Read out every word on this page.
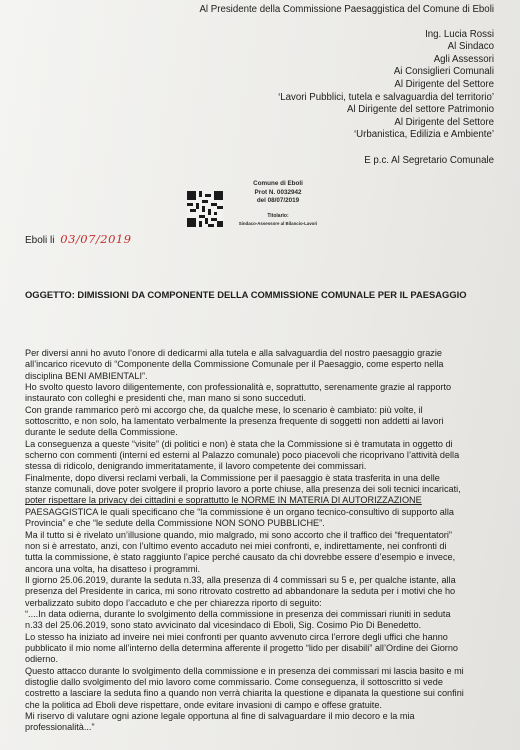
Al Presidente della Commissione Paesaggistica del Comune di Eboli
Ing. Lucia Rossi
Al Sindaco
Agli Assessori
Ai Consiglieri Comunali
Al Dirigente del Settore
‘Lavori Pubblici, tutela e salvaguardia del territorio’
Al Dirigente del settore Patrimonio
Al Dirigente del Settore
‘Urbanistica, Edilizia e Ambiente’
E p.c. Al Segretario Comunale
Comune di Eboli
Prot N. 0032942
del 08/07/2019
Titolario:
Sindaco-Assessore al Bilancio-Lavori
Eboli li 03/07/2019
OGGETTO: DIMISSIONI DA COMPONENTE DELLA COMMISSIONE COMUNALE PER IL PAESAGGIO
Per diversi anni ho avuto l’onore di dedicarmi alla tutela e alla salvaguardia del nostro paesaggio grazie
all’incarico ricevuto di “Componente della Commissione Comunale per il Paesaggio, come esperto nella
disciplina BENI AMBIENTALI”.
Ho svolto questo lavoro diligentemente, con professionalità e, soprattutto, serenamente grazie al rapporto
instaurato con colleghi e presidenti che, man mano si sono succeduti.
Con grande rammarico però mi accorgo che, da qualche mese, lo scenario è cambiato: più volte, il
sottoscritto, e non solo, ha lamentato verbalmente la presenza frequente di soggetti non addetti ai lavori
durante le sedute della Commissione.
La conseguenza a queste “visite” (di politici e non) è stata che la Commissione si è tramutata in oggetto di
scherno con commenti (interni ed esterni al Palazzo comunale) poco piacevoli che ricoprivano l’attività della
stessa di ridicolo, denigrando immeritatamente, il lavoro competente dei commissari.
Finalmente, dopo diversi reclami verbali, la Commissione per il paesaggio è stata trasferita in una delle
stanze comunali, dove poter svolgere il proprio lavoro a porte chiuse, alla presenza dei soli tecnici incaricati,
poter rispettare la privacy dei cittadini e soprattutto le NORME IN MATERIA DI AUTORIZZAZIONE
PAESAGGISTICA le quali specificano che “la commissione è un organo tecnico-consultivo di supporto alla
Provincia” e che “le sedute della Commissione NON SONO PUBBLICHE”.
Ma il tutto si è rivelato un’illusione quando, mio malgrado, mi sono accorto che il traffico dei “frequentatori”
non si è arrestato, anzi, con l’ultimo evento accaduto nei miei confronti, e, indirettamente, nei confronti di
tutta la commissione, è stato raggiunto l’apice perché causato da chi dovrebbe essere d’esempio e invece,
ancora una volta, ha disatteso i programmi.
Il giorno 25.06.2019, durante la seduta n.33, alla presenza di 4 commissari su 5 e, per qualche istante, alla
presenza del Presidente in carica, mi sono ritrovato costretto ad abbandonare la seduta per i motivi che ho
verbalizzato subito dopo l’accaduto e che per chiarezza riporto di seguito:
“....In data odierna, durante lo svolgimento della commissione in presenza dei commissari riuniti in seduta
n.33 del 25.06.2019, sono stato avvicinato dal vicesindaco di Eboli, Sig. Cosimo Pio Di Benedetto.
Lo stesso ha iniziato ad inveire nei miei confronti per quanto avvenuto circa l’errore degli uffici che hanno
pubblicato il mio nome all’interno della determina afferente il progetto “lido per disabili” all’Ordine dei Giorno
odierno.
Questo attacco durante lo svolgimento della commissione e in presenza dei commissari mi lascia basito e mi
distoglie dallo svolgimento del mio lavoro come commissario. Come conseguenza, il sottoscritto si vede
costretto a lasciare la seduta fino a quando non verrà chiarita la questione e dipanata la questione sui confini
che la politica ad Eboli deve rispettare, onde evitare invasioni di campo e offese gratuite.
Mi riservo di valutare ogni azione legale opportuna al fine di salvaguardare il mio decoro e la mia
professionalità...”
